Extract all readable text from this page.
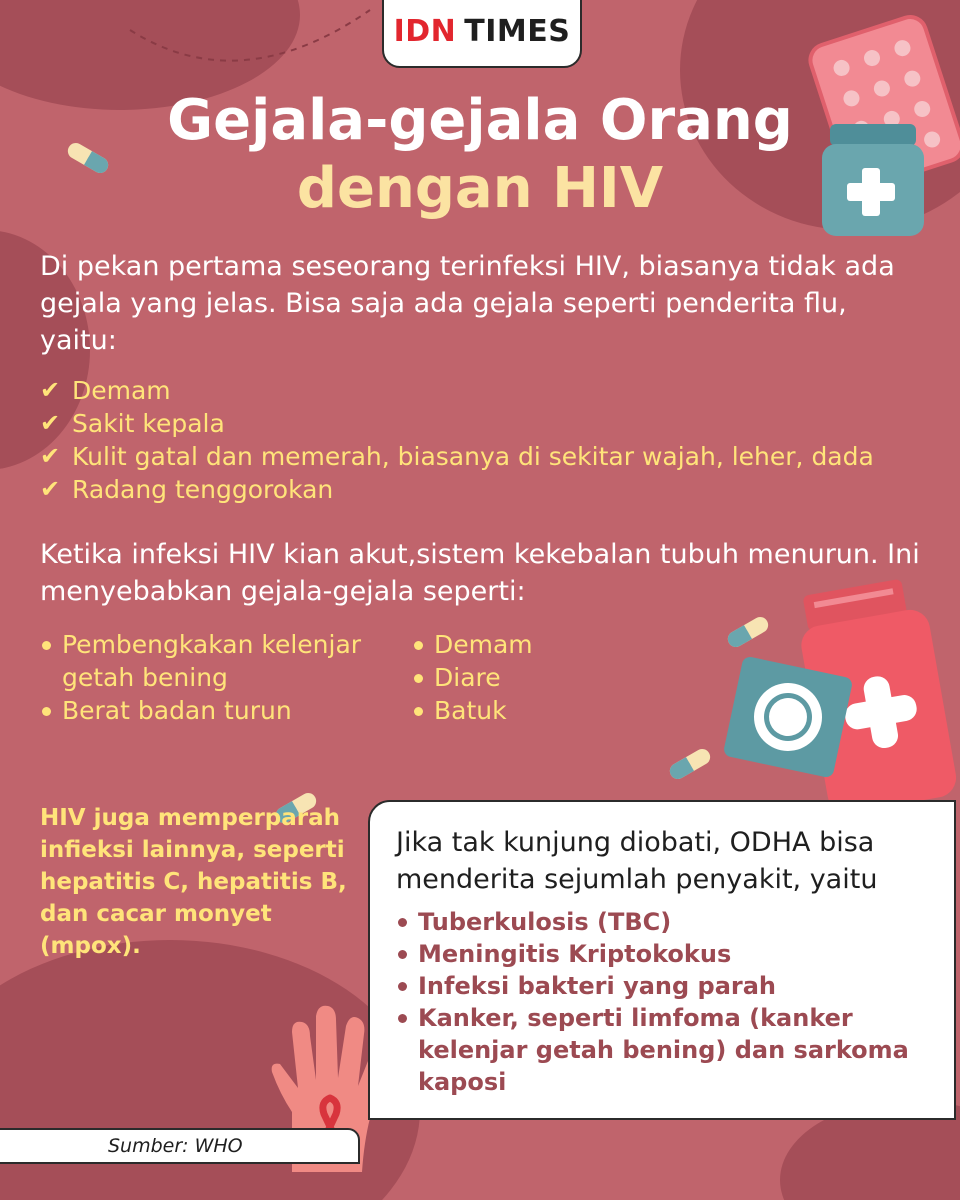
IDN TIMES
Gejala-gejala Orang
dengan HIV
Di pekan pertama seseorang terinfeksi HIV, biasanya tidak ada gejala yang jelas. Bisa saja ada gejala seperti penderita flu, yaitu:
✔ Demam
✔ Sakit kepala
✔ Kulit gatal dan memerah, biasanya di sekitar wajah, leher, dada
✔ Radang tenggorokan
Ketika infeksi HIV kian akut,sistem kekebalan tubuh menurun. Ini menyebabkan gejala-gejala seperti:
Pembengkakan kelenjar getah bening
Berat badan turun
Demam
Diare
Batuk
HIV juga memperparah infieksi lainnya, seperti hepatitis C, hepatitis B, dan cacar monyet (mpox).
Jika tak kunjung diobati, ODHA bisa menderita sejumlah penyakit, yaitu
Tuberkulosis (TBC)
Meningitis Kriptokokus
Infeksi bakteri yang parah
Kanker, seperti limfoma (kanker kelenjar getah bening) dan sarkoma kaposi
Sumber: WHO
